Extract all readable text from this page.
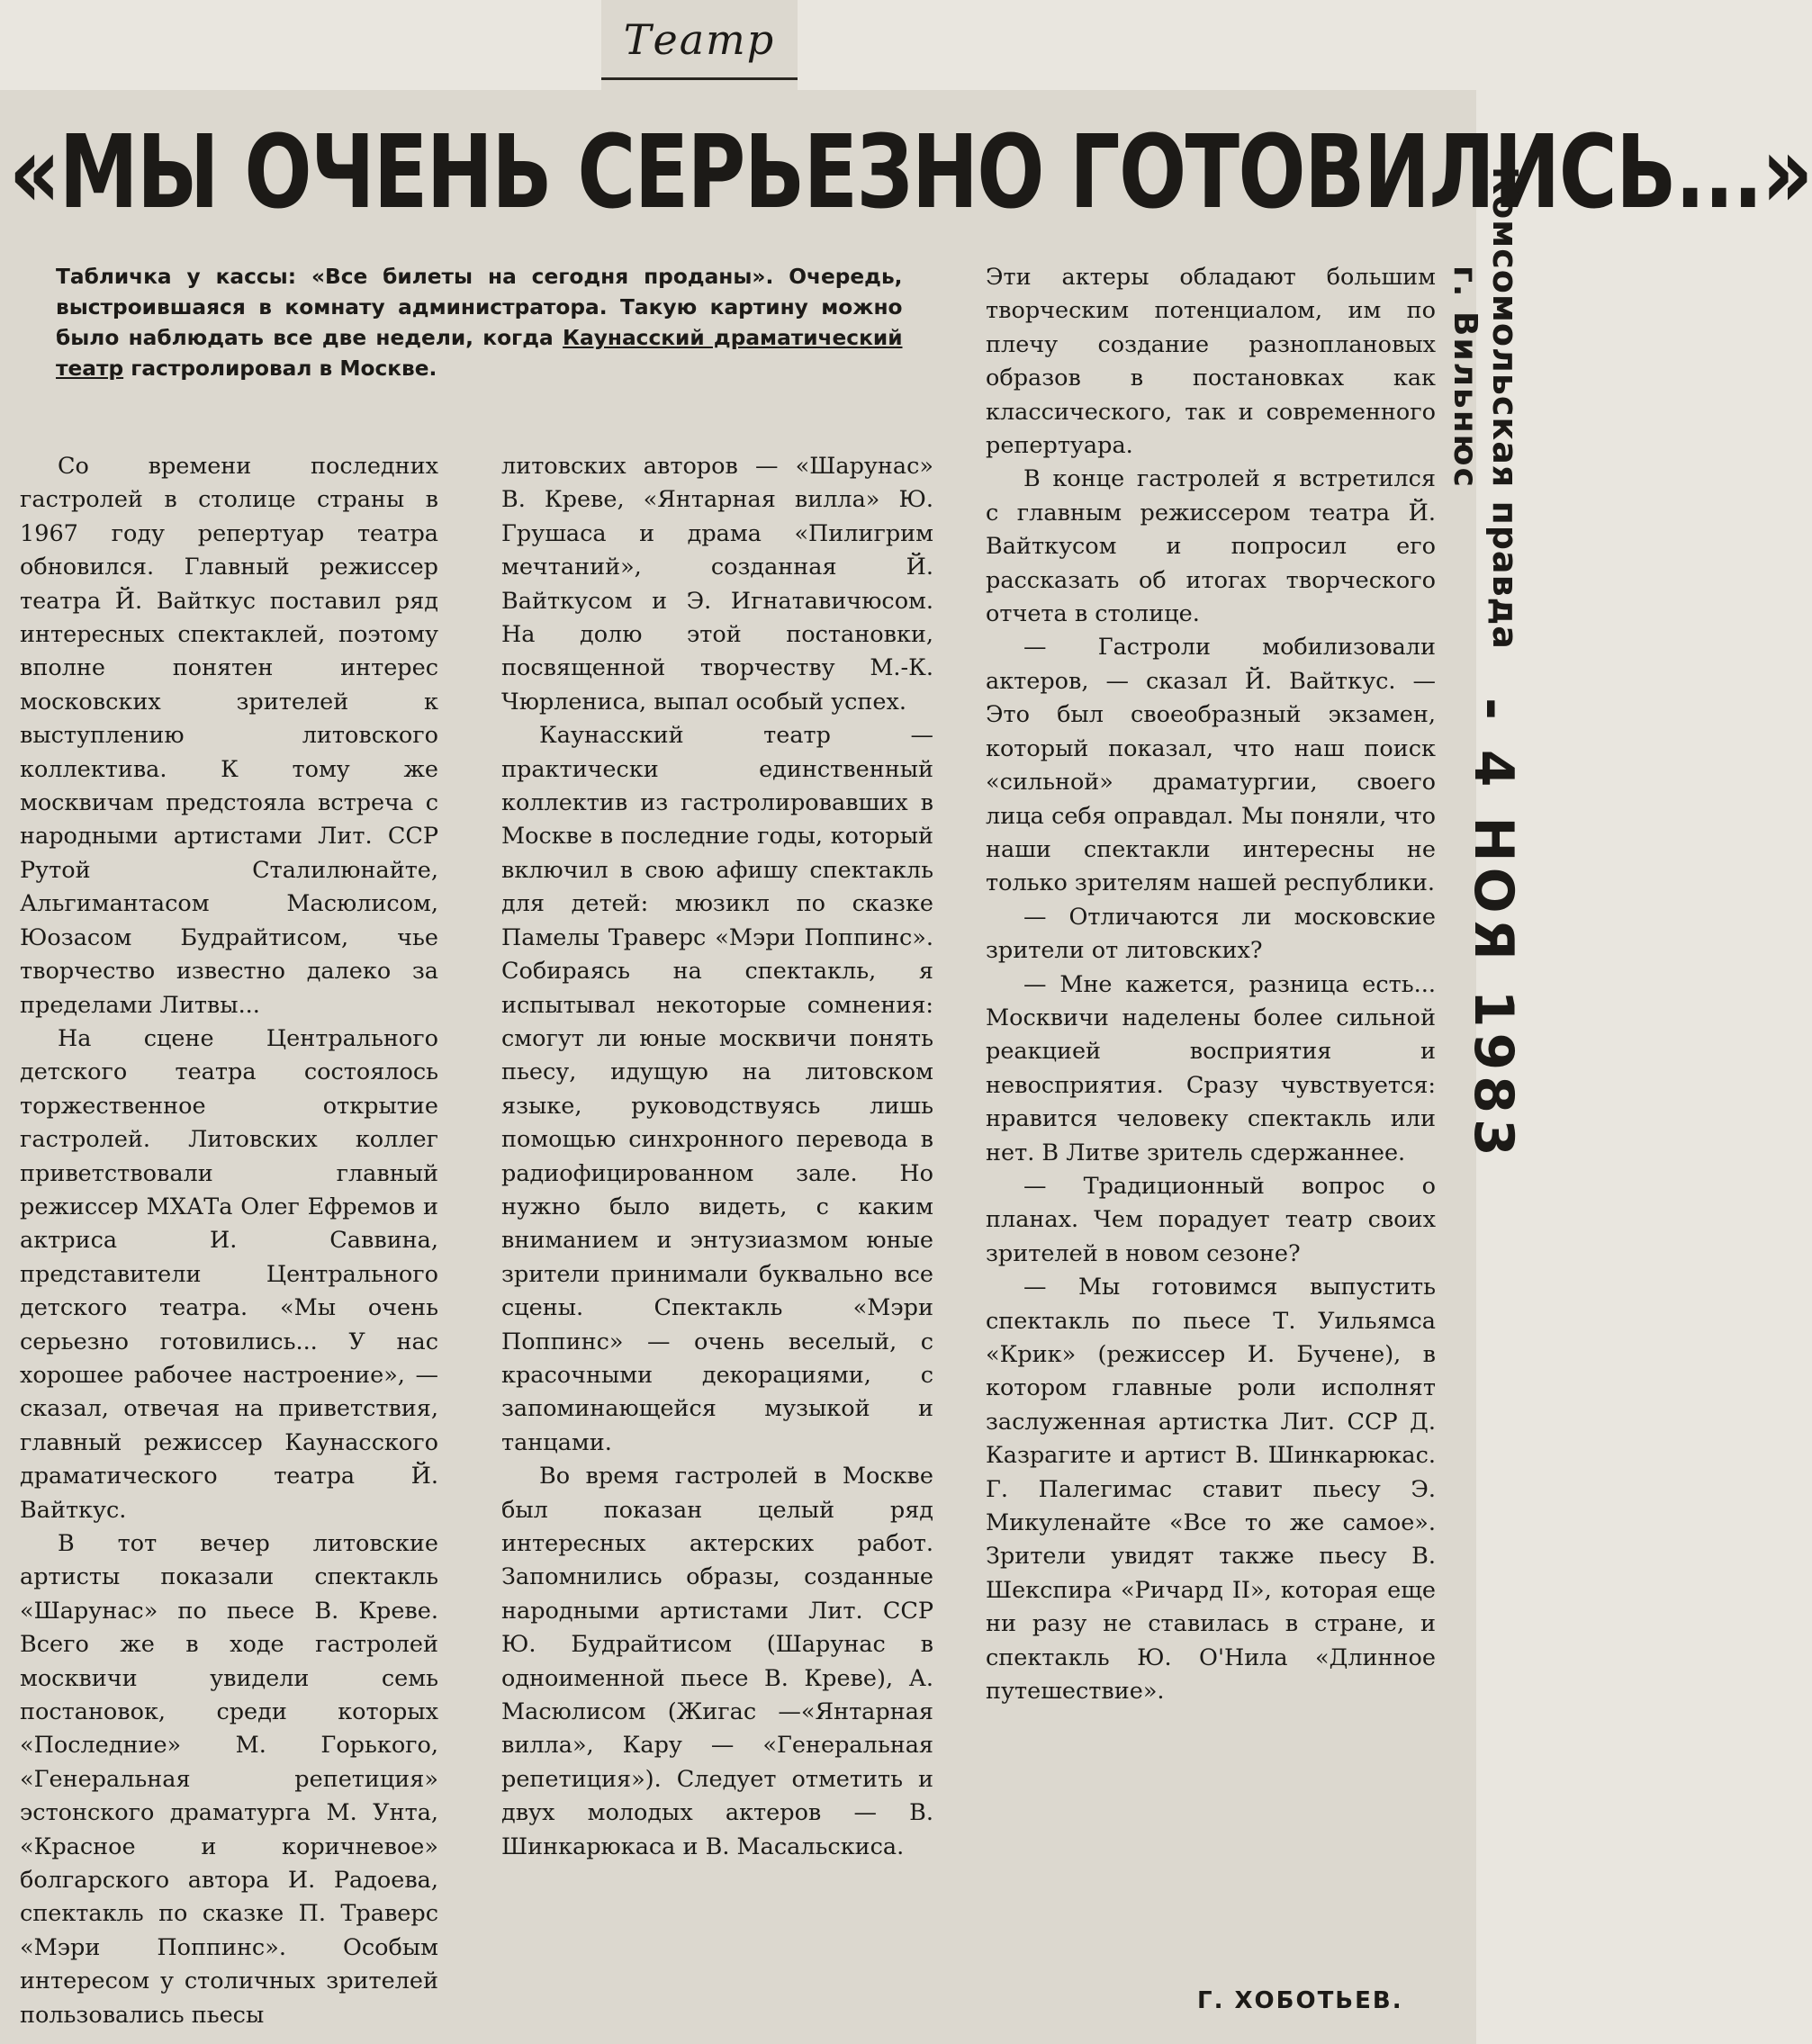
Театр
«МЫ ОЧЕНЬ СЕРЬЕЗНО ГОТОВИЛИСЬ...»
Комсомольская правда
г. Вильнюс
- 4 НОЯ 1983
Табличка у кассы: «Все билеты на сегодня проданы». Очередь, выстроившаяся в комнату администратора. Такую картину можно было наблюдать все две недели, когда Каунасский драматический театр гастролировал в Москве.

Со времени последних гастролей в столице страны в 1967 году репертуар театра обновился. Главный режиссер театра Й. Вайткус поставил ряд интересных спектаклей, поэтому вполне понятен интерес московских зрителей к выступлению литовского коллектива. К тому же москвичам предстояла встреча с народными артистами Лит. ССР Рутой Сталилюнайте, Альгимантасом Масюлисом, Юозасом Будрайтисом, чье творчество известно далеко за пределами Литвы...

На сцене Центрального детского театра состоялось торжественное открытие гастролей. Литовских коллег приветствовали главный режиссер МХАТа Олег Ефремов и актриса И. Саввина, представители Центрального детского театра. «Мы очень серьезно готовились... У нас хорошее рабочее настроение», — сказал, отвечая на приветствия, главный режиссер Каунасского драматического театра Й. Вайткус.

В тот вечер литовские артисты показали спектакль «Шарунас» по пьесе В. Креве. Всего же в ходе гастролей москвичи увидели семь постановок, среди которых «Последние» М. Горького, «Генеральная репетиция» эстонского драматурга М. Унта, «Красное и коричневое» болгарского автора И. Радоева, спектакль по сказке П. Траверс «Мэри Поппинс». Особым интересом у столичных зрителей пользовались пьесы

литовских авторов — «Шарунас» В. Креве, «Янтарная вилла» Ю. Грушаса и драма «Пилигрим мечтаний», созданная Й. Вайткусом и Э. Игнатавичюсом. На долю этой постановки, посвященной творчеству М.-К. Чюрлениса, выпал особый успех.

Каунасский театр — практически единственный коллектив из гастролировавших в Москве в последние годы, который включил в свою афишу спектакль для детей: мюзикл по сказке Памелы Траверс «Мэри Поппинс». Собираясь на спектакль, я испытывал некоторые сомнения: смогут ли юные москвичи понять пьесу, идущую на литовском языке, руководствуясь лишь помощью синхронного перевода в радиофицированном зале. Но нужно было видеть, с каким вниманием и энтузиазмом юные зрители принимали буквально все сцены. Спектакль «Мэри Поппинс» — очень веселый, с красочными декорациями, с запоминающейся музыкой и танцами.

Во время гастролей в Москве был показан целый ряд интересных актерских работ. Запомнились образы, созданные народными артистами Лит. ССР Ю. Будрайтисом (Шарунас в одноименной пьесе В. Креве), А. Масюлисом (Жигас —«Янтарная вилла», Кару — «Генеральная репетиция»). Следует отметить и двух молодых актеров — В. Шинкарюкаса и В. Масальскиса.

Эти актеры обладают большим творческим потенциалом, им по плечу создание разноплановых образов в постановках как классического, так и современного репертуара.

В конце гастролей я встретился с главным режиссером театра Й. Вайткусом и попросил его рассказать об итогах творческого отчета в столице.

— Гастроли мобилизовали актеров, — сказал Й. Вайткус. — Это был своеобразный экзамен, который показал, что наш поиск «сильной» драматургии, своего лица себя оправдал. Мы поняли, что наши спектакли интересны не только зрителям нашей республики.

— Отличаются ли московские зрители от литовских?

— Мне кажется, разница есть... Москвичи наделены более сильной реакцией восприятия и невосприятия. Сразу чувствуется: нравится человеку спектакль или нет. В Литве зритель сдержаннее.

— Традиционный вопрос о планах. Чем порадует театр своих зрителей в новом сезоне?

— Мы готовимся выпустить спектакль по пьесе Т. Уильямса «Крик» (режиссер И. Бучене), в котором главные роли исполнят заслуженная артистка Лит. ССР Д. Казрагите и артист В. Шинкарюкас. Г. Палегимас ставит пьесу Э. Микуленайте «Все то же самое». Зрители увидят также пьесу В. Шекспира «Ричард II», которая еще ни разу не ставилась в стране, и спектакль Ю. О'Нила «Длинное путешествие».

Г. ХОБОТЬЕВ.
